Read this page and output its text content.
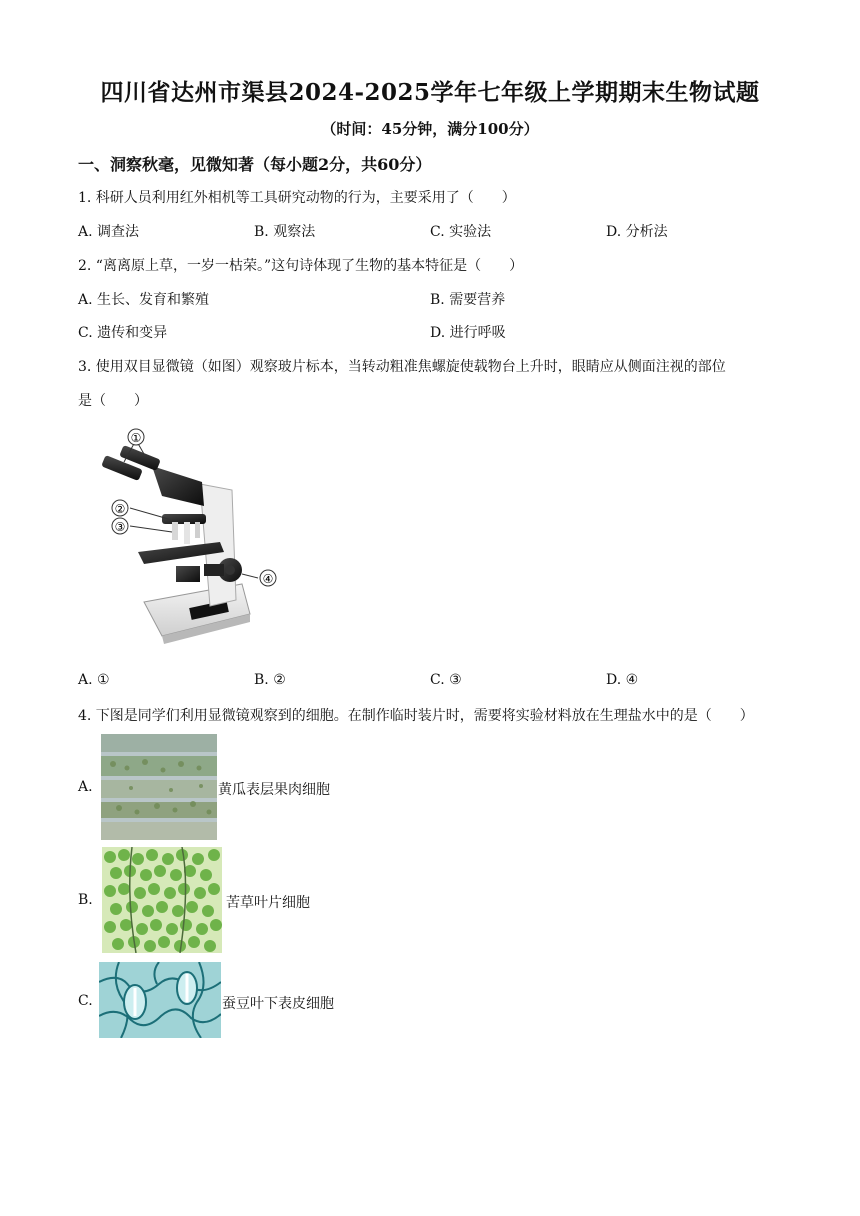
四川省达州市渠县2024-2025学年七年级上学期期末生物试题
（时间：45分钟，满分100分）
一、洞察秋毫，见微知著（每小题2分，共60分）
1. 科研人员利用红外相机等工具研究动物的行为，主要采用了（　　）
A. 调查法	B. 观察法	C. 实验法	D. 分析法
2. “离离原上草，一岁一枯荣。”这句诗体现了生物的基本特征是（　　）
A. 生长、发育和繁殖	B. 需要营养
C. 遗传和变异	D. 进行呼吸
3. 使用双目显微镜（如图）观察玻片标本，当转动粗准焦螺旋使载物台上升时，眼睛应从侧面注视的部位
是（　　）
①
②
③
④
A. ①	B. ②	C. ③	D. ④
4. 下图是同学们利用显微镜观察到的细胞。在制作临时装片时，需要将实验材料放在生理盐水中的是（　　）
A.	黄瓜表层果肉细胞
B.	苦草叶片细胞
C.	蚕豆叶下表皮细胞
